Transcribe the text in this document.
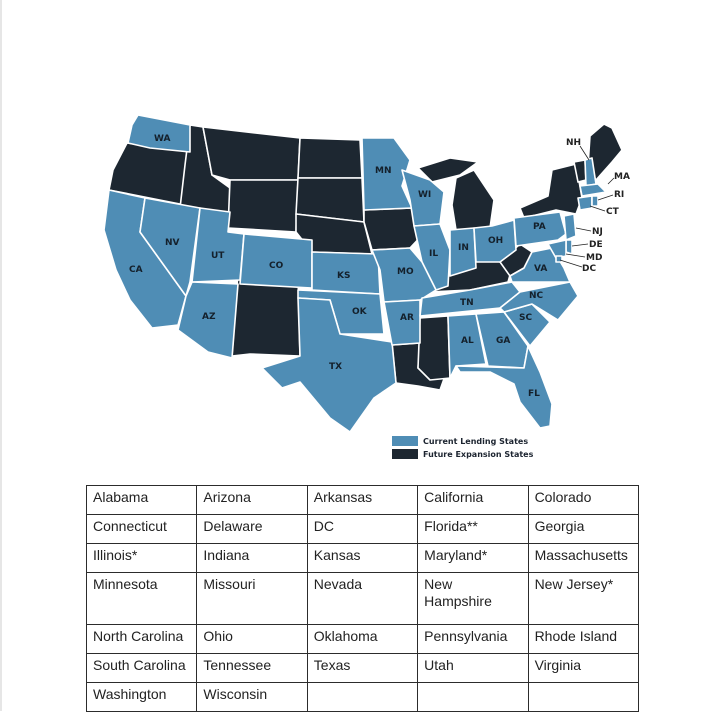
WA
NV
CA
UT
CO
AZ
KS
OK
TX
MN
WI
IL
MO
AR
IN
OH
TN
AL GA
FL
SC
NC
VA
PA
NH
MA
RI
CT
NJ
DE
MD
DC
Current Lending States
Future Expansion States
Alabama	Arizona	Arkansas	California	Colorado
Connecticut	Delaware	DC	Florida**	Georgia
Illinois*	Indiana	Kansas	Maryland*	Massachusetts
Minnesota	Missouri	Nevada	New Hampshire	New Jersey*
North Carolina	Ohio	Oklahoma	Pennsylvania	Rhode Island
South Carolina	Tennessee	Texas	Utah	Virginia
Washington	Wisconsin			
